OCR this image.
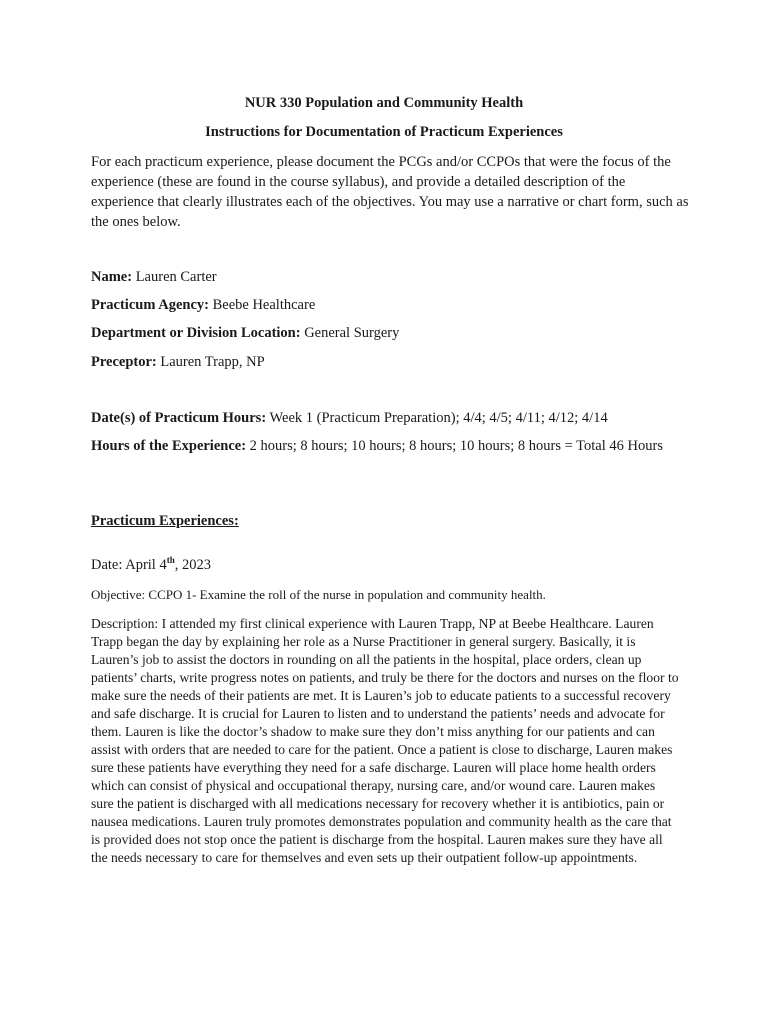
NUR 330 Population and Community Health
Instructions for Documentation of Practicum Experiences
For each practicum experience, please document the PCGs and/or CCPOs that were the focus of the experience (these are found in the course syllabus), and provide a detailed description of the experience that clearly illustrates each of the objectives. You may use a narrative or chart form, such as the ones below.
Name: Lauren Carter
Practicum Agency: Beebe Healthcare
Department or Division Location: General Surgery
Preceptor: Lauren Trapp, NP
Date(s) of Practicum Hours: Week 1 (Practicum Preparation); 4/4; 4/5; 4/11; 4/12; 4/14
Hours of the Experience: 2 hours; 8 hours; 10 hours; 8 hours; 10 hours; 8 hours = Total 46 Hours
Practicum Experiences:
Date: April 4th, 2023
Objective: CCPO 1- Examine the roll of the nurse in population and community health.
Description: I attended my first clinical experience with Lauren Trapp, NP at Beebe Healthcare. Lauren Trapp began the day by explaining her role as a Nurse Practitioner in general surgery. Basically, it is Lauren’s job to assist the doctors in rounding on all the patients in the hospital, place orders, clean up patients’ charts, write progress notes on patients, and truly be there for the doctors and nurses on the floor to make sure the needs of their patients are met. It is Lauren’s job to educate patients to a successful recovery and safe discharge. It is crucial for Lauren to listen and to understand the patients’ needs and advocate for them. Lauren is like the doctor’s shadow to make sure they don’t miss anything for our patients and can assist with orders that are needed to care for the patient. Once a patient is close to discharge, Lauren makes sure these patients have everything they need for a safe discharge. Lauren will place home health orders which can consist of physical and occupational therapy, nursing care, and/or wound care. Lauren makes sure the patient is discharged with all medications necessary for recovery whether it is antibiotics, pain or nausea medications. Lauren truly promotes demonstrates population and community health as the care that is provided does not stop once the patient is discharge from the hospital. Lauren makes sure they have all the needs necessary to care for themselves and even sets up their outpatient follow-up appointments.
